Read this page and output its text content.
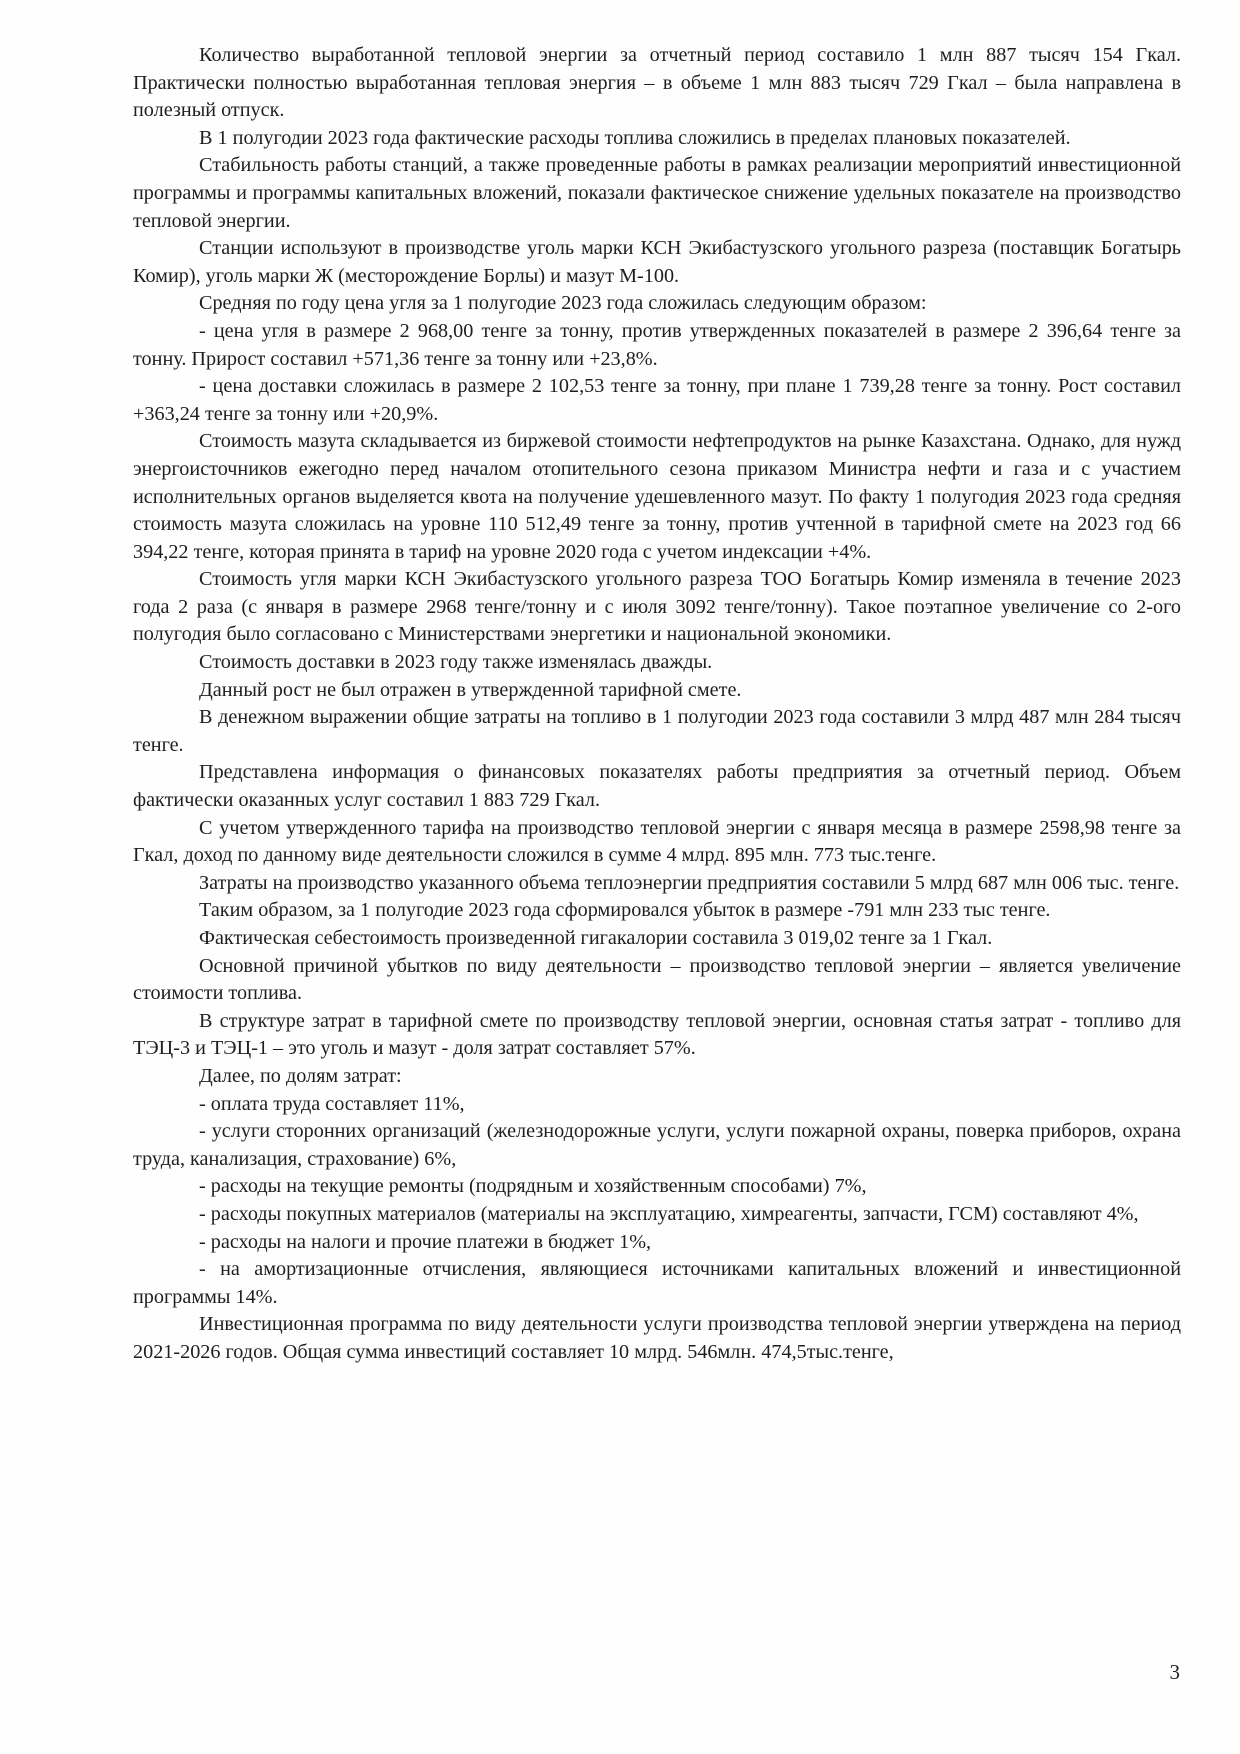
Количество выработанной тепловой энергии за отчетный период составило 1 млн 887 тысяч 154 Гкал. Практически полностью выработанная тепловая энергия – в объеме 1 млн 883 тысяч 729 Гкал – была направлена в полезный отпуск.

В 1 полугодии 2023 года фактические расходы топлива сложились в пределах плановых показателей.

Стабильность работы станций, а также проведенные работы в рамках реализации мероприятий инвестиционной программы и программы капитальных вложений, показали фактическое снижение удельных показателе на производство тепловой энергии.

Станции используют в производстве уголь марки КСН Экибастузского угольного разреза (поставщик Богатырь Комир), уголь марки Ж (месторождение Борлы) и мазут М-100.

Средняя по году цена угля за 1 полугодие 2023 года сложилась следующим образом:

- цена угля в размере 2 968,00 тенге за тонну, против утвержденных показателей в размере 2 396,64 тенге за тонну. Прирост составил +571,36 тенге за тонну или +23,8%.

- цена доставки сложилась в размере 2 102,53 тенге за тонну, при плане 1 739,28 тенге за тонну. Рост составил +363,24 тенге за тонну или +20,9%.

Стоимость мазута складывается из биржевой стоимости нефтепродуктов на рынке Казахстана. Однако, для нужд энергоисточников ежегодно перед началом отопительного сезона приказом Министра нефти и газа и с участием исполнительных органов выделяется квота на получение удешевленного мазут. По факту 1 полугодия 2023 года средняя стоимость мазута сложилась на уровне 110 512,49 тенге за тонну, против учтенной в тарифной смете на 2023 год 66 394,22 тенге, которая принята в тариф на уровне 2020 года с учетом индексации +4%.

Стоимость угля марки КСН Экибастузского угольного разреза ТОО Богатырь Комир изменяла в течение 2023 года 2 раза (с января в размере 2968 тенге/тонну и с июля 3092 тенге/тонну). Такое поэтапное увеличение со 2-ого полугодия было согласовано с Министерствами энергетики и национальной экономики.

Стоимость доставки в 2023 году также изменялась дважды.

Данный рост не был отражен в утвержденной тарифной смете.

В денежном выражении общие затраты на топливо в 1 полугодии 2023 года составили 3 млрд 487 млн 284 тысяч тенге.

Представлена информация о финансовых показателях работы предприятия за отчетный период. Объем фактически оказанных услуг составил 1 883 729 Гкал.

С учетом утвержденного тарифа на производство тепловой энергии с января месяца в размере 2598,98 тенге за Гкал, доход по данному виде деятельности сложился в сумме 4 млрд. 895 млн. 773 тыс.тенге.

Затраты на производство указанного объема теплоэнергии предприятия составили 5 млрд 687 млн 006 тыс. тенге.

Таким образом, за 1 полугодие 2023 года сформировался убыток в размере -791 млн 233 тыс тенге.

Фактическая себестоимость произведенной гигакалории составила 3 019,02 тенге за 1 Гкал.

Основной причиной убытков по виду деятельности – производство тепловой энергии – является увеличение стоимости топлива.

В структуре затрат в тарифной смете по производству тепловой энергии, основная статья затрат - топливо для ТЭЦ-3 и ТЭЦ-1 – это уголь и мазут - доля затрат составляет 57%.

Далее, по долям затрат:

- оплата труда составляет 11%,

- услуги сторонних организаций (железнодорожные услуги, услуги пожарной охраны, поверка приборов, охрана труда, канализация, страхование) 6%,

- расходы на текущие ремонты (подрядным и хозяйственным способами) 7%,

- расходы покупных материалов (материалы на эксплуатацию, химреагенты, запчасти, ГСМ) составляют 4%,

- расходы на налоги и прочие платежи в бюджет 1%,

- на амортизационные отчисления, являющиеся источниками капитальных вложений и инвестиционной программы 14%.

Инвестиционная программа по виду деятельности услуги производства тепловой энергии утверждена на период 2021-2026 годов. Общая сумма инвестиций составляет 10 млрд. 546млн. 474,5тыс.тенге,

3
